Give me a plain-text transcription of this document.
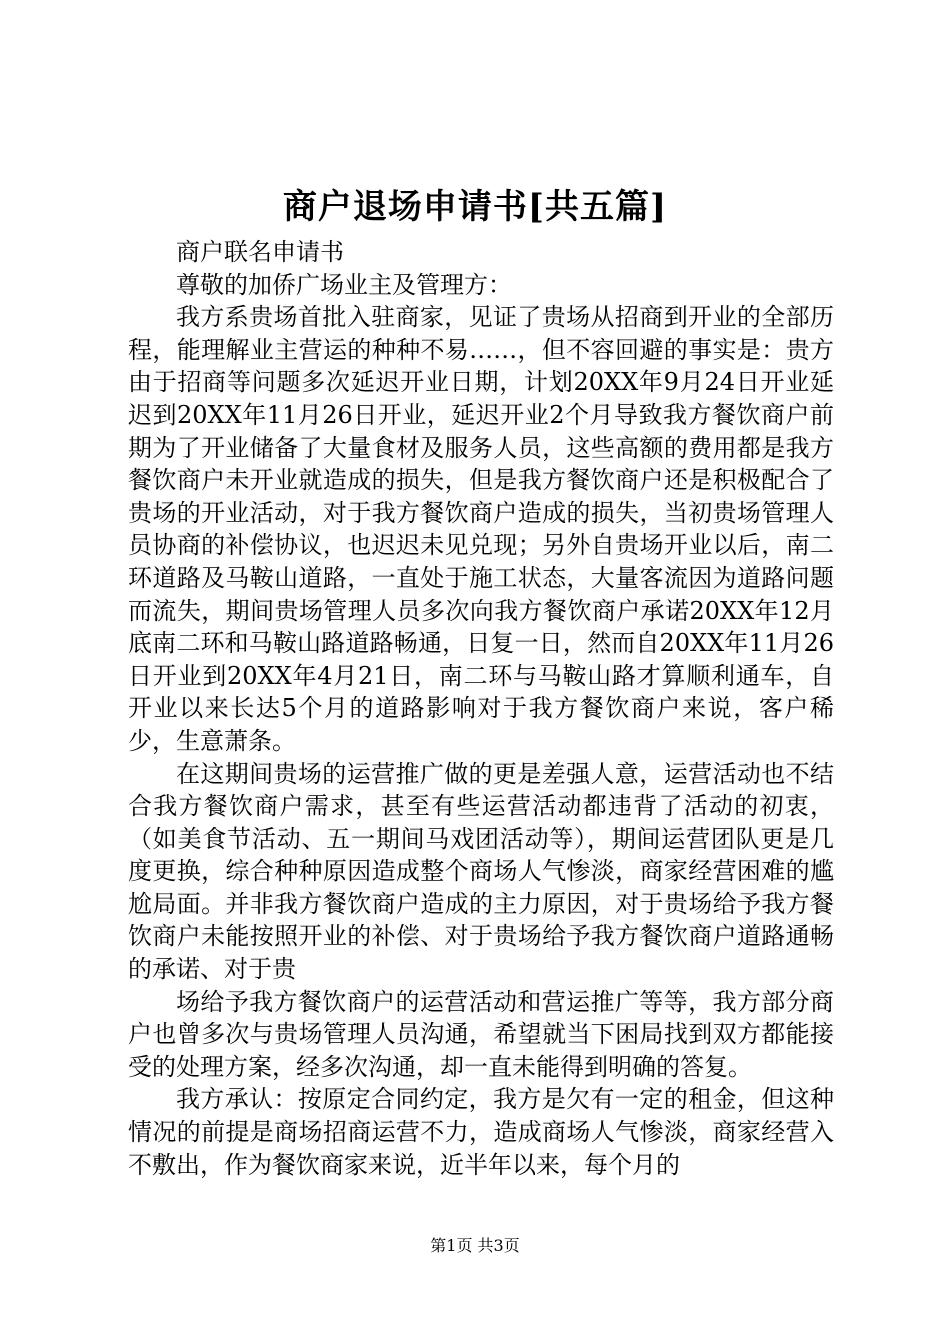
商户退场申请书[共五篇]

商户联名申请书

尊敬的加侨广场业主及管理方：

我方系贵场首批入驻商家，见证了贵场从招商到开业的全部历程，能理解业主营运的种种不易……，但不容回避的事实是：贵方由于招商等问题多次延迟开业日期，计划20XX年9月24日开业延迟到20XX年11月26日开业，延迟开业2个月导致我方餐饮商户前期为了开业储备了大量食材及服务人员，这些高额的费用都是我方餐饮商户未开业就造成的损失，但是我方餐饮商户还是积极配合了贵场的开业活动，对于我方餐饮商户造成的损失，当初贵场管理人员协商的补偿协议，也迟迟未见兑现；另外自贵场开业以后，南二环道路及马鞍山道路，一直处于施工状态，大量客流因为道路问题而流失，期间贵场管理人员多次向我方餐饮商户承诺20XX年12月底南二环和马鞍山路道路畅通，日复一日，然而自20XX年11月26日开业到20XX年4月21日，南二环与马鞍山路才算顺利通车，自开业以来长达5个月的道路影响对于我方餐饮商户来说，客户稀少，生意萧条。

在这期间贵场的运营推广做的更是差强人意，运营活动也不结合我方餐饮商户需求，甚至有些运营活动都违背了活动的初衷，（如美食节活动、五一期间马戏团活动等），期间运营团队更是几度更换，综合种种原因造成整个商场人气惨淡，商家经营困难的尴尬局面。并非我方餐饮商户造成的主力原因，对于贵场给予我方餐饮商户未能按照开业的补偿、对于贵场给予我方餐饮商户道路通畅的承诺、对于贵

场给予我方餐饮商户的运营活动和营运推广等等，我方部分商户也曾多次与贵场管理人员沟通，希望就当下困局找到双方都能接受的处理方案，经多次沟通，却一直未能得到明确的答复。

我方承认：按原定合同约定，我方是欠有一定的租金，但这种情况的前提是商场招商运营不力，造成商场人气惨淡，商家经营入不敷出，作为餐饮商家来说，近半年以来，每个月的

第1页 共3页
